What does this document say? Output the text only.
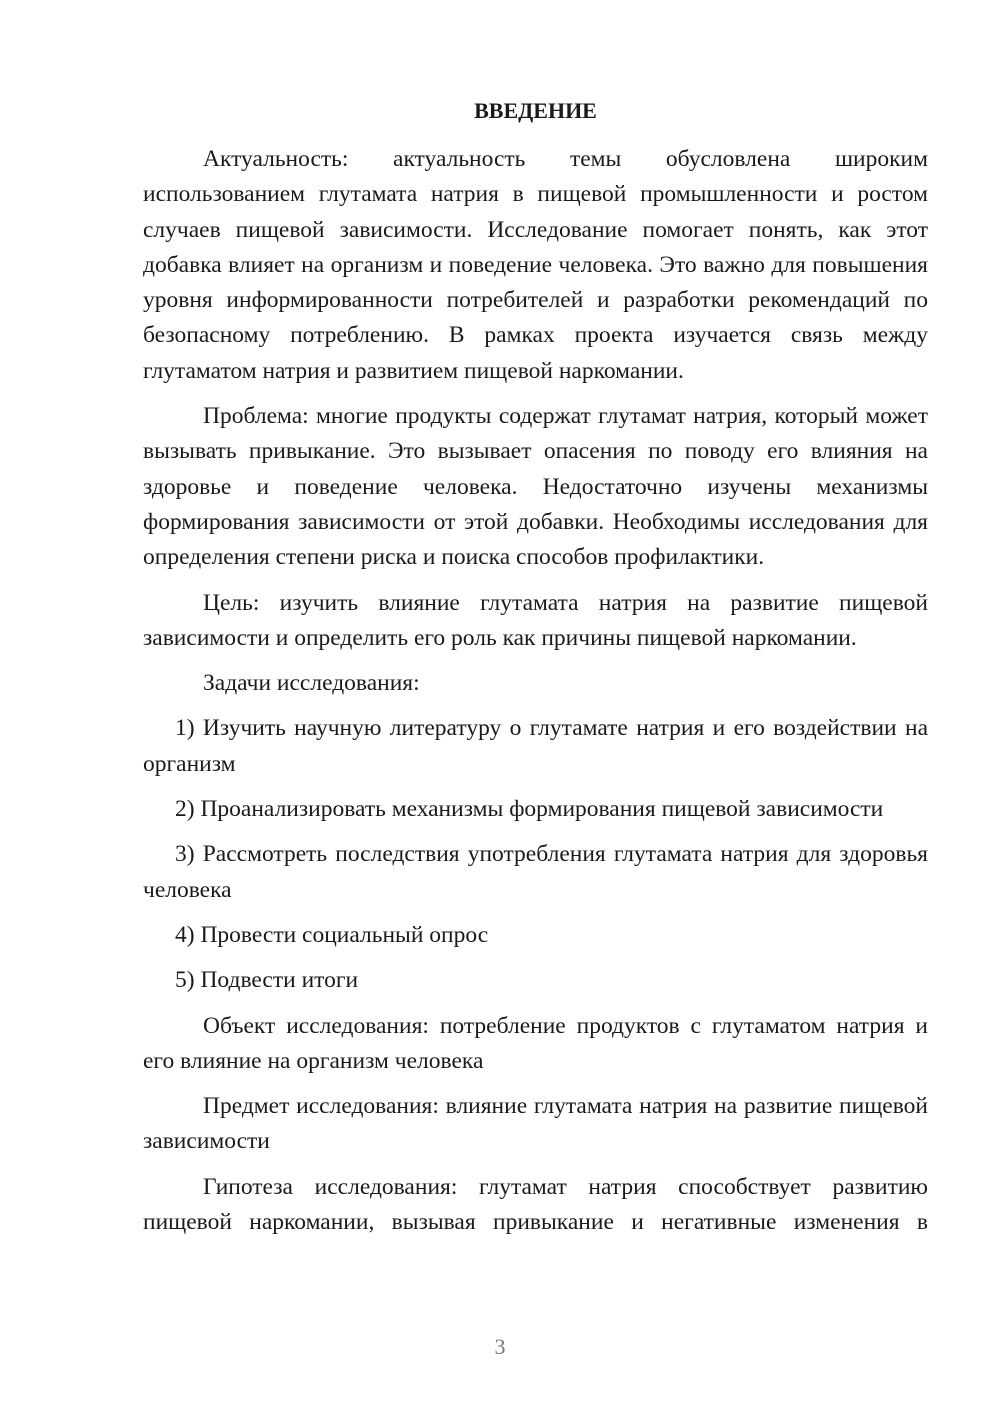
ВВЕДЕНИЕ

Актуальность: актуальность темы обусловлена широким использованием глутамата натрия в пищевой промышленности и ростом случаев пищевой зависимости. Исследование помогает понять, как этот добавка влияет на организм и поведение человека. Это важно для повышения уровня информированности потребителей и разработки рекомендаций по безопасному потреблению. В рамках проекта изучается связь между глутаматом натрия и развитием пищевой наркомании.

Проблема: многие продукты содержат глутамат натрия, который может вызывать привыкание. Это вызывает опасения по поводу его влияния на здоровье и поведение человека. Недостаточно изучены механизмы формирования зависимости от этой добавки. Необходимы исследования для определения степени риска и поиска способов профилактики.

Цель: изучить влияние глутамата натрия на развитие пищевой зависимости и определить его роль как причины пищевой наркомании.

Задачи исследования:

1) Изучить научную литературу о глутамате натрия и его воздействии на организм

2) Проанализировать механизмы формирования пищевой зависимости

3) Рассмотреть последствия употребления глутамата натрия для здоровья человека

4) Провести социальный опрос

5) Подвести итоги

Объект исследования: потребление продуктов с глутаматом натрия и его влияние на организм человека

Предмет исследования: влияние глутамата натрия на развитие пищевой зависимости

Гипотеза исследования: глутамат натрия способствует развитию пищевой наркомании, вызывая привыкание и негативные изменения в

3
